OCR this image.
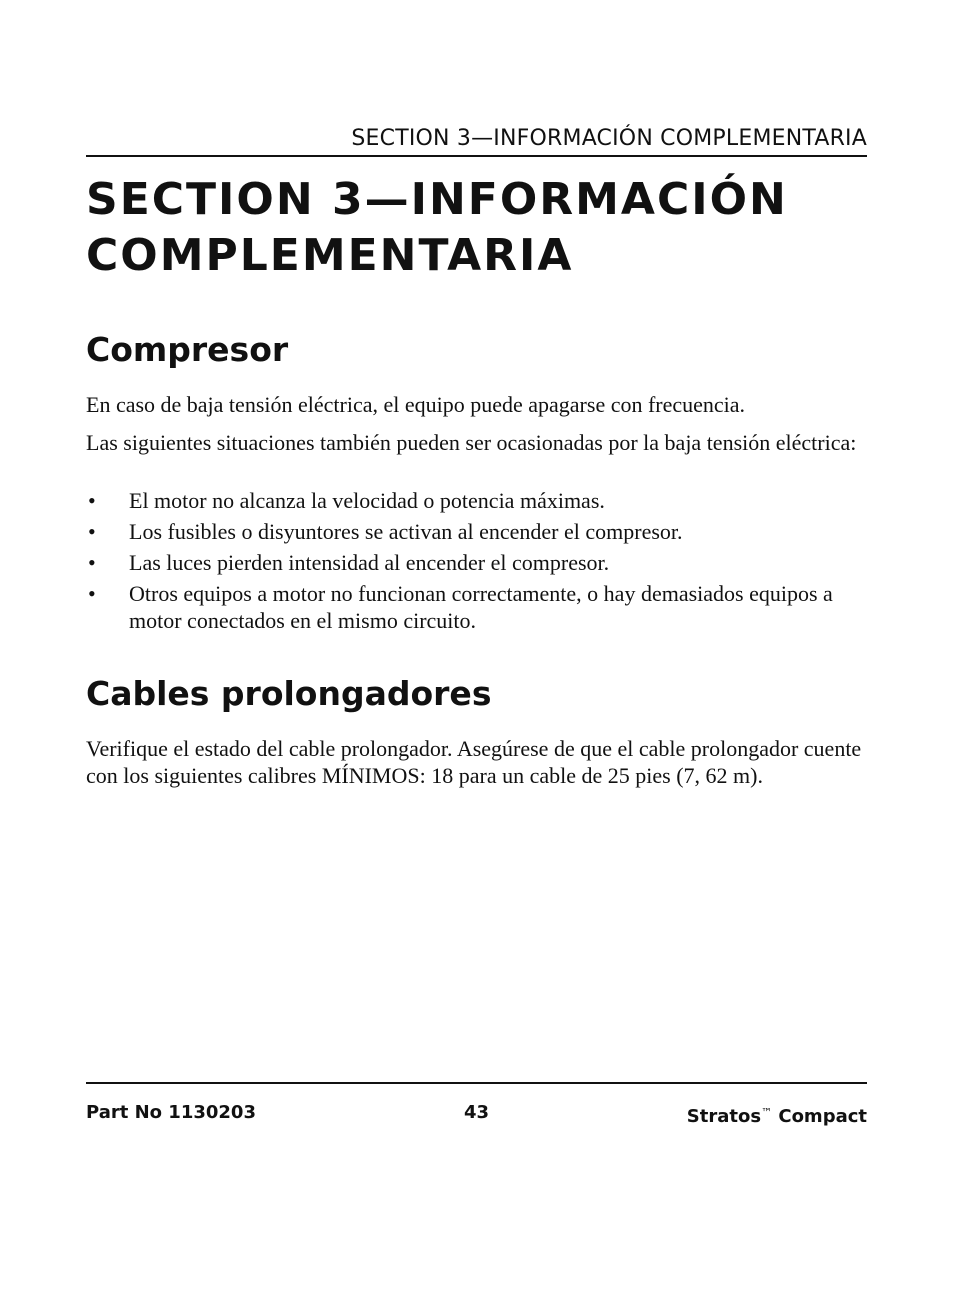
SECTION 3—INFORMACIÓN COMPLEMENTARIA
SECTION 3—INFORMACIÓN
COMPLEMENTARIA
Compresor

En caso de baja tensión eléctrica, el equipo puede apagarse con frecuencia.

Las siguientes situaciones también pueden ser ocasionadas por la baja tensión eléctrica:

• El motor no alcanza la velocidad o potencia máximas.
• Los fusibles o disyuntores se activan al encender el compresor.
• Las luces pierden intensidad al encender el compresor.
• Otros equipos a motor no funcionan correctamente, o hay demasiados equipos a motor conectados en el mismo circuito.
Cables prolongadores

Verifique el estado del cable prolongador. Asegúrese de que el cable prolongador cuente con los siguientes calibres MÍNIMOS: 18 para un cable de 25 pies (7, 62 m).

Part No 1130203	43	Stratos™ Compact
